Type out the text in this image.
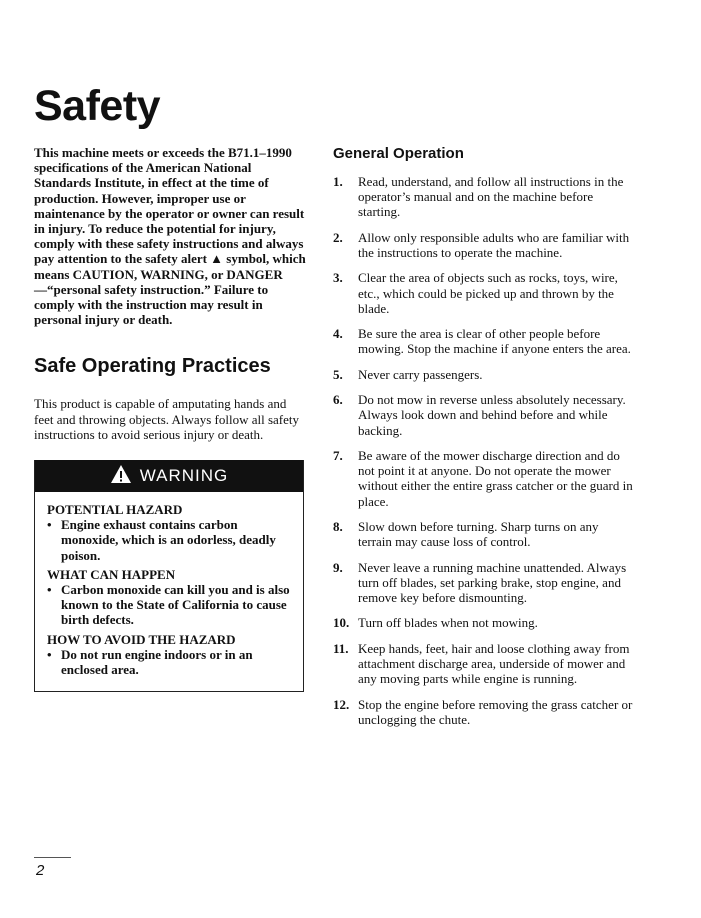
Safety

This machine meets or exceeds the B71.1–1990 specifications of the American National Standards Institute, in effect at the time of production. However, improper use or maintenance by the operator or owner can result in injury. To reduce the potential for injury, comply with these safety instructions and always pay attention to the safety alert ▲ symbol, which means CAUTION, WARNING, or DANGER—“personal safety instruction.” Failure to comply with the instruction may result in personal injury or death.

Safe Operating Practices

This product is capable of amputating hands and feet and throwing objects. Always follow all safety instructions to avoid serious injury or death.

WARNING
POTENTIAL HAZARD
• Engine exhaust contains carbon monoxide, which is an odorless, deadly poison.
WHAT CAN HAPPEN
• Carbon monoxide can kill you and is also known to the State of California to cause birth defects.
HOW TO AVOID THE HAZARD
• Do not run engine indoors or in an enclosed area.
General Operation
1.	Read, understand, and follow all instructions in the operator’s manual and on the machine before starting.
2.	Allow only responsible adults who are familiar with the instructions to operate the machine.
3.	Clear the area of objects such as rocks, toys, wire, etc., which could be picked up and thrown by the blade.
4.	Be sure the area is clear of other people before mowing. Stop the machine if anyone enters the area.
5.	Never carry passengers.
6.	Do not mow in reverse unless absolutely necessary. Always look down and behind before and while backing.
7.	Be aware of the mower discharge direction and do not point it at anyone. Do not operate the mower without either the entire grass catcher or the guard in place.
8.	Slow down before turning. Sharp turns on any terrain may cause loss of control.
9.	Never leave a running machine unattended. Always turn off blades, set parking brake, stop engine, and remove key before dismounting.
10. Turn off blades when not mowing.
11. Keep hands, feet, hair and loose clothing away from attachment discharge area, underside of mower and any moving parts while engine is running.
12. Stop the engine before removing the grass catcher or unclogging the chute.
2
